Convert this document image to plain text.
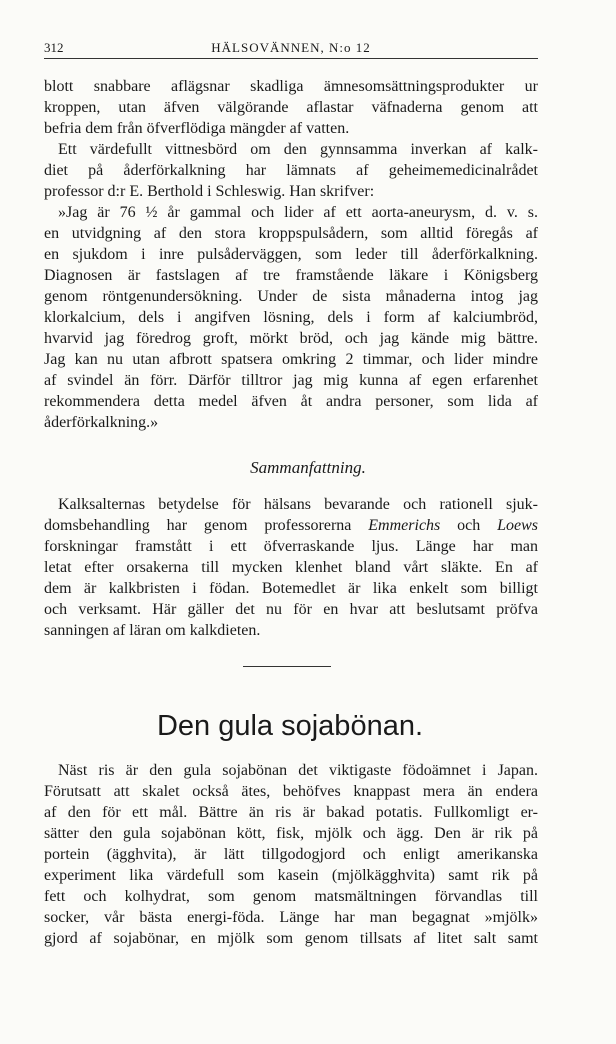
312	HÄLSOVÄNNEN, N:o 12
blott snabbare aflägsnar skadliga ämnesomsättningsprodukter ur
kroppen, utan äfven välgörande aflastar väfnaderna genom att
befria dem från öfverflödiga mängder af vatten.
Ett värdefullt vittnesbörd om den gynnsamma inverkan af kalk-
diet på åderförkalkning har lämnats af geheimemedicinalrådet
professor d:r E. Berthold i Schleswig. Han skrifver:
»Jag är 76 ½ år gammal och lider af ett aorta-aneurysm, d. v. s.
en utvidgning af den stora kroppspulsådern, som alltid föregås af
en sjukdom i inre pulsåderväggen, som leder till åderförkalkning.
Diagnosen är fastslagen af tre framstående läkare i Königsberg
genom röntgenundersökning. Under de sista månaderna intog jag
klorkalcium, dels i angifven lösning, dels i form af kalciumbröd,
hvarvid jag föredrog groft, mörkt bröd, och jag kände mig bättre.
Jag kan nu utan afbrott spatsera omkring 2 timmar, och lider mindre
af svindel än förr. Därför tilltror jag mig kunna af egen erfarenhet
rekommendera detta medel äfven åt andra personer, som lida af
åderförkalkning.»
Sammanfattning.
Kalksalternas betydelse för hälsans bevarande och rationell sjuk-
domsbehandling har genom professorerna Emmerichs och Loews
forskningar framstått i ett öfverraskande ljus. Länge har man
letat efter orsakerna till mycken klenhet bland vårt släkte. En af
dem är kalkbristen i födan. Botemedlet är lika enkelt som billigt
och verksamt. Här gäller det nu för en hvar att beslutsamt pröfva
sanningen af läran om kalkdieten.
Den gula sojabönan.
Näst ris är den gula sojabönan det viktigaste födoämnet i Japan.
Förutsatt att skalet också ätes, behöfves knappast mera än endera
af den för ett mål. Bättre än ris är bakad potatis. Fullkomligt er-
sätter den gula sojabönan kött, fisk, mjölk och ägg. Den är rik på
portein (ägghvita), är lätt tillgodogjord och enligt amerikanska
experiment lika värdefull som kasein (mjölkägghvita) samt rik på
fett och kolhydrat, som genom matsmältningen förvandlas till
socker, vår bästa energi-föda. Länge har man begagnat »mjölk»
gjord af sojabönar, en mjölk som genom tillsats af litet salt samt
